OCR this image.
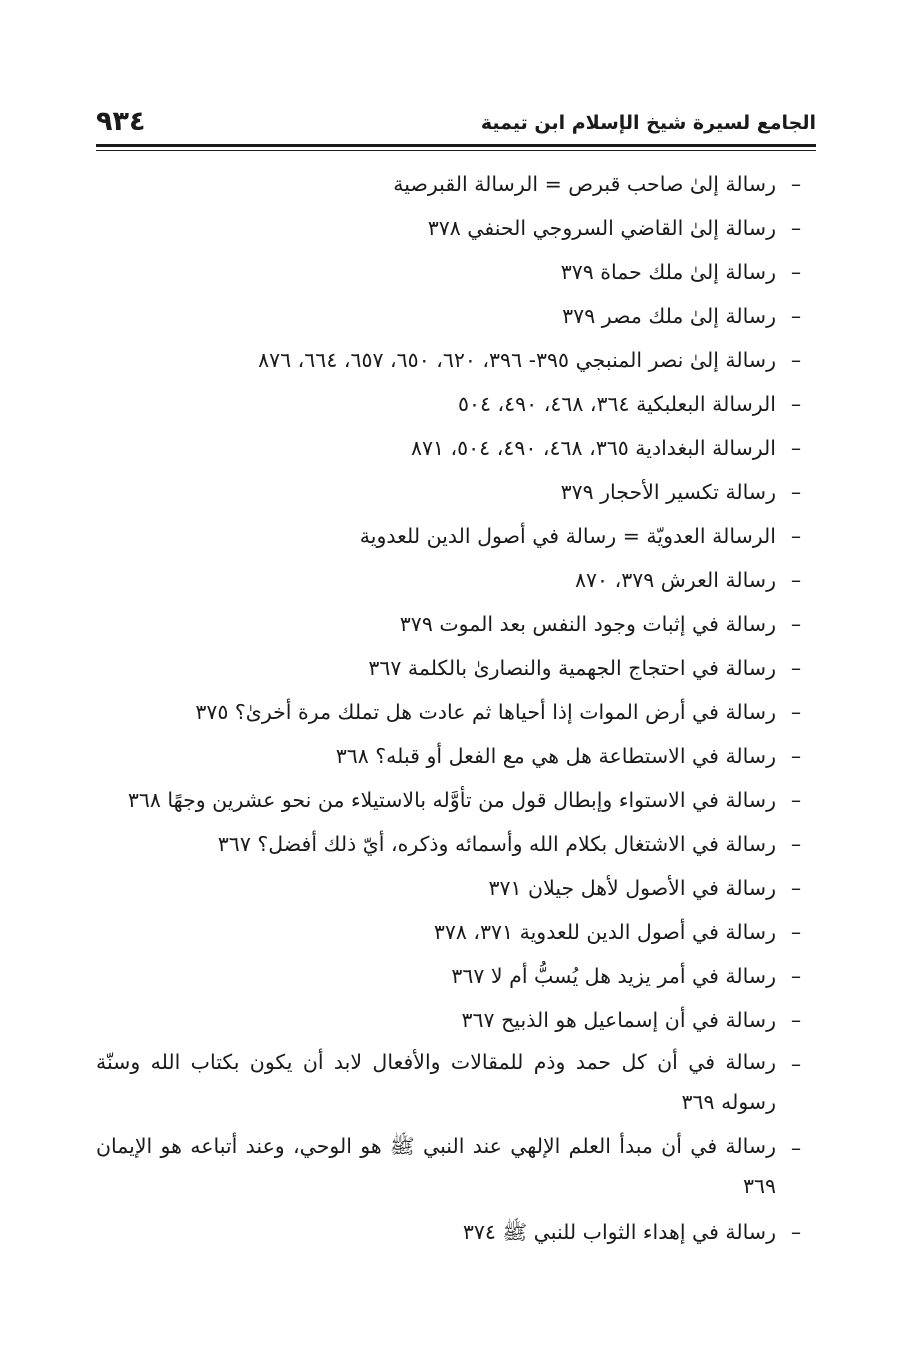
الجامع لسيرة شيخ الإسلام ابن تيمية
٩٣٤
–
رسالة إلىٰ صاحب قبرص = الرسالة القبرصية
–
رسالة إلىٰ القاضي السروجي الحنفي ٣٧٨
–
رسالة إلىٰ ملك حماة ٣٧٩
–
رسالة إلىٰ ملك مصر ٣٧٩
–
رسالة إلىٰ نصر المنبجي ٣٩٥- ٣٩٦، ٦٢٠، ٦٥٠، ٦٥٧، ٦٦٤، ٨٧٦
–
الرسالة البعلبكية ٣٦٤، ٤٦٨، ٤٩٠، ٥٠٤
–
الرسالة البغدادية ٣٦٥، ٤٦٨، ٤٩٠، ٥٠٤، ٨٧١
–
رسالة تكسير الأحجار ٣٧٩
–
الرسالة العدويّة = رسالة في أصول الدين للعدوية
–
رسالة العرش ٣٧٩، ٨٧٠
–
رسالة في إثبات وجود النفس بعد الموت ٣٧٩
–
رسالة في احتجاج الجهمية والنصارىٰ بالكلمة ٣٦٧
–
رسالة في أرض الموات إذا أحياها ثم عادت هل تملك مرة أخرىٰ؟ ٣٧٥
–
رسالة في الاستطاعة هل هي مع الفعل أو قبله؟ ٣٦٨
–
رسالة في الاستواء وإبطال قول من تأوَّله بالاستيلاء من نحو عشرين وجهًا ٣٦٨
–
رسالة في الاشتغال بكلام الله وأسمائه وذكره، أيّ ذلك أفضل؟ ٣٦٧
–
رسالة في الأصول لأهل جيلان ٣٧١
–
رسالة في أصول الدين للعدوية ٣٧١، ٣٧٨
–
رسالة في أمر يزيد هل يُسبُّ أم لا ٣٦٧
–
رسالة في أن إسماعيل هو الذبيح ٣٦٧
–
رسالة في أن كل حمد وذم للمقالات والأفعال لابد أن يكون بكتاب الله وسنّة رسوله ٣٦٩
–
رسالة في أن مبدأ العلم الإلهي عند النبي ﷺ هو الوحي، وعند أتباعه هو الإيمان ٣٦٩
–
رسالة في إهداء الثواب للنبي ﷺ ٣٧٤
